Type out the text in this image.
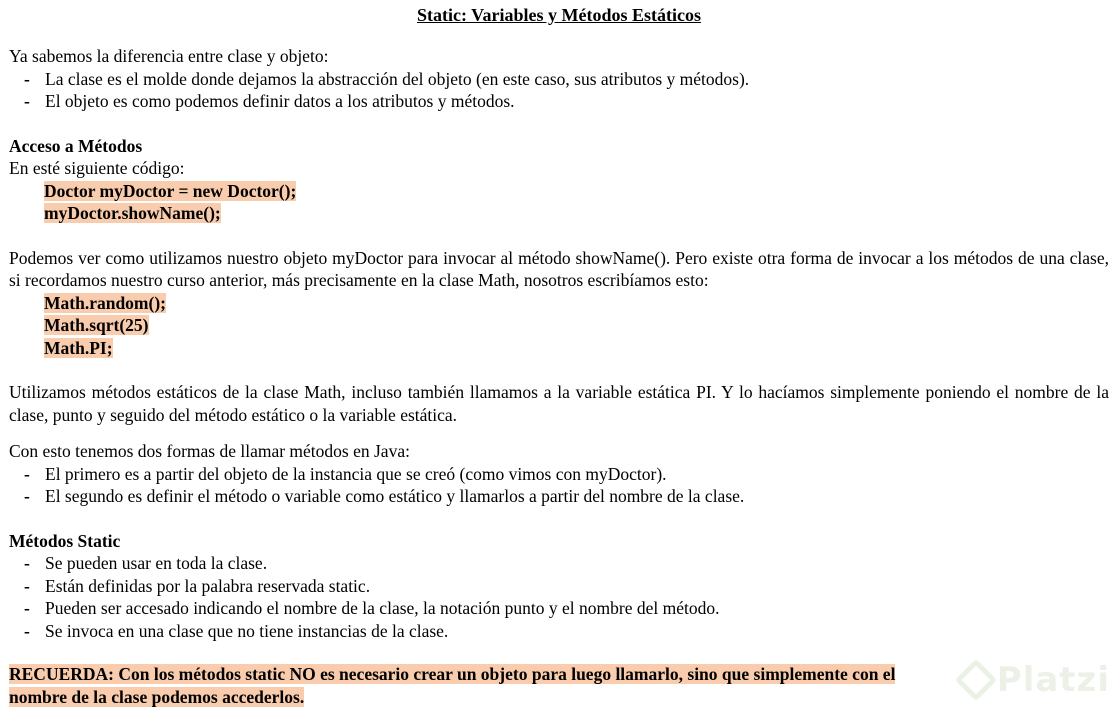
Static: Variables y Métodos Estáticos

Ya sabemos la diferencia entre clase y objeto:

- La clase es el molde donde dejamos la abstracción del objeto (en este caso, sus atributos y métodos).
- El objeto es como podemos definir datos a los atributos y métodos.
Acceso a Métodos

En esté siguiente código:

Doctor myDoctor = new Doctor();
myDoctor.showName();

Podemos ver como utilizamos nuestro objeto myDoctor para invocar al método showName(). Pero existe otra forma de invocar a los métodos de una clase, si recordamos nuestro curso anterior, más precisamente en la clase Math, nosotros escribíamos esto:

Math.random();
Math.sqrt(25)
Math.PI;

Utilizamos métodos estáticos de la clase Math, incluso también llamamos a la variable estática PI. Y lo hacíamos simplemente poniendo el nombre de la clase, punto y seguido del método estático o la variable estática.

Con esto tenemos dos formas de llamar métodos en Java:

- El primero es a partir del objeto de la instancia que se creó (como vimos con myDoctor).
- El segundo es definir el método o variable como estático y llamarlos a partir del nombre de la clase.
Métodos Static
- Se pueden usar en toda la clase.
- Están definidas por la palabra reservada static.
- Pueden ser accesado indicando el nombre de la clase, la notación punto y el nombre del método.
- Se invoca en una clase que no tiene instancias de la clase.
RECUERDA: Con los métodos static NO es necesario crear un objeto para luego llamarlo, sino que simplemente con el
nombre de la clase podemos accederlos.	Platzi
